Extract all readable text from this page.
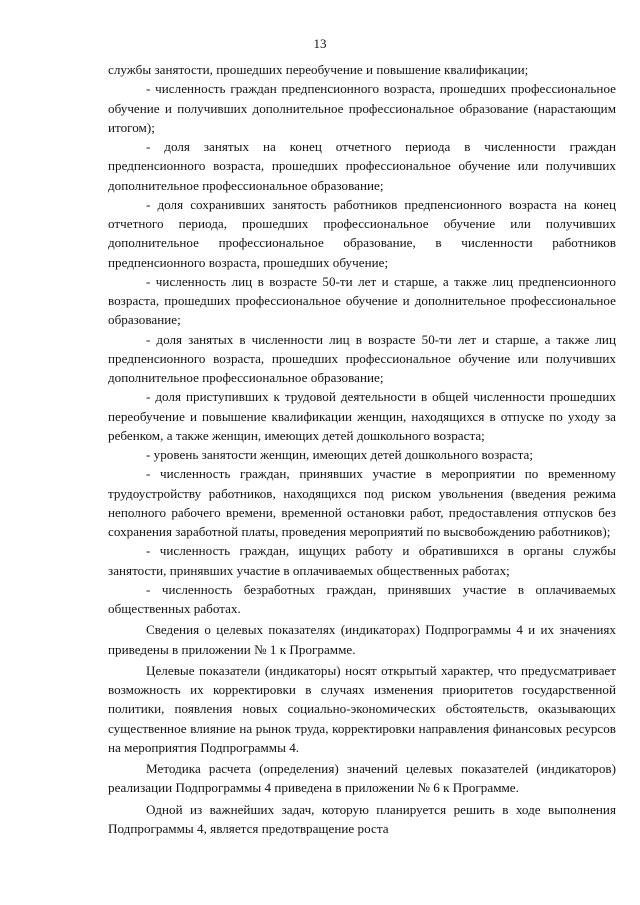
13

службы занятости, прошедших переобучение и повышение квалификации;

- численность граждан предпенсионного возраста, прошедших профессиональное обучение и получивших дополнительное профессиональное образование (нарастающим итогом);

- доля занятых на конец отчетного периода в численности граждан предпенсионного возраста, прошедших профессиональное обучение или получивших дополнительное профессиональное образование;

- доля сохранивших занятость работников предпенсионного возраста на конец отчетного периода, прошедших профессиональное обучение или получивших дополнительное профессиональное образование, в численности работников предпенсионного возраста, прошедших обучение;

- численность лиц в возрасте 50-ти лет и старше, а также лиц предпенсионного возраста, прошедших профессиональное обучение и дополнительное профессиональное образование;

- доля занятых в численности лиц в возрасте 50-ти лет и старше, а также лиц предпенсионного возраста, прошедших профессиональное обучение или получивших дополнительное профессиональное образование;

- доля приступивших к трудовой деятельности в общей численности прошедших переобучение и повышение квалификации женщин, находящихся в отпуске по уходу за ребенком, а также женщин, имеющих детей дошкольного возраста;

- уровень занятости женщин, имеющих детей дошкольного возраста;

- численность граждан, принявших участие в мероприятии по временному трудоустройству работников, находящихся под риском увольнения (введения режима неполного рабочего времени, временной остановки работ, предоставления отпусков без сохранения заработной платы, проведения мероприятий по высвобождению работников);

- численность граждан, ищущих работу и обратившихся в органы службы занятости, принявших участие в оплачиваемых общественных работах;

- численность безработных граждан, принявших участие в оплачиваемых общественных работах.

Сведения о целевых показателях (индикаторах) Подпрограммы 4 и их значениях приведены в приложении № 1 к Программе.

Целевые показатели (индикаторы) носят открытый характер, что предусматривает возможность их корректировки в случаях изменения приоритетов государственной политики, появления новых социально-экономических обстоятельств, оказывающих существенное влияние на рынок труда, корректировки направления финансовых ресурсов на мероприятия Подпрограммы 4.

Методика расчета (определения) значений целевых показателей (индикаторов) реализации Подпрограммы 4 приведена в приложении № 6 к Программе.

Одной из важнейших задач, которую планируется решить в ходе выполнения Подпрограммы 4, является предотвращение роста
